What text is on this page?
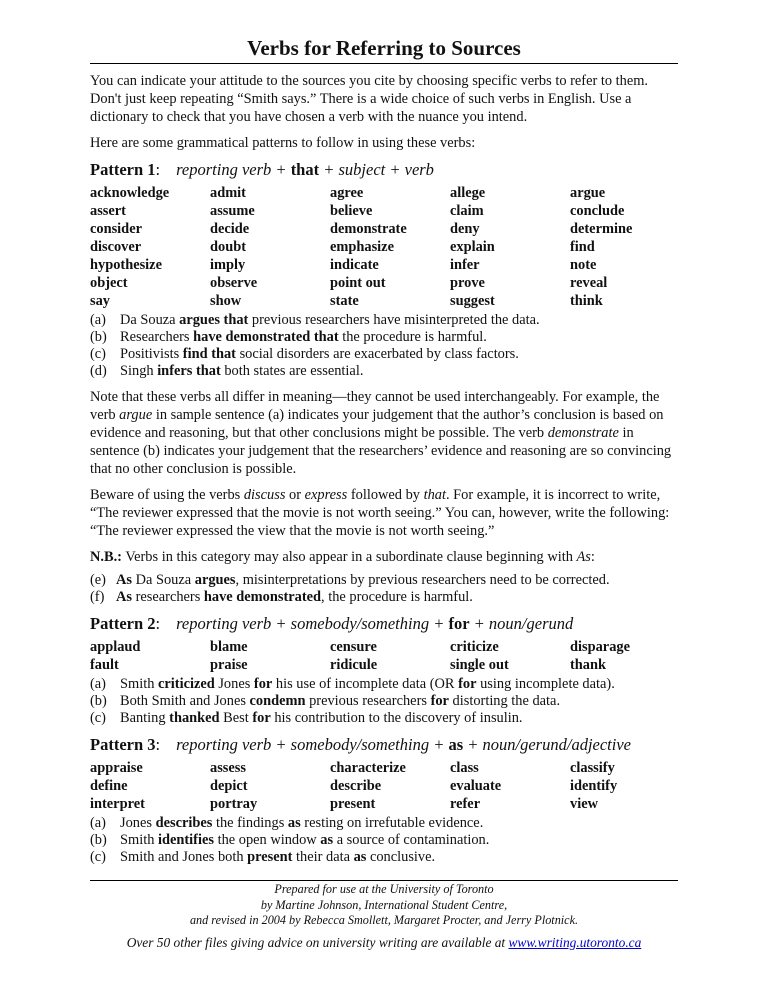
Verbs for Referring to Sources

You can indicate your attitude to the sources you cite by choosing specific verbs to refer to them. Don't just keep repeating “Smith says.” There is a wide choice of such verbs in English. Use a dictionary to check that you have chosen a verb with the nuance you intend.

Here are some grammatical patterns to follow in using these verbs:

Pattern 1: reporting verb + that + subject + verb
acknowledge	admit	agree	allege	argue
assert	assume	believe	claim	conclude
consider	decide	demonstrate	deny	determine
discover	doubt	emphasize	explain	find
hypothesize	imply	indicate	infer	note
object	observe	point out	prove	reveal
say	show	state	suggest	think
(a) Da Souza argues that previous researchers have misinterpreted the data.
(b) Researchers have demonstrated that the procedure is harmful.
(c) Positivists find that social disorders are exacerbated by class factors.
(d) Singh infers that both states are essential.

Note that these verbs all differ in meaning—they cannot be used interchangeably. For example, the verb argue in sample sentence (a) indicates your judgement that the author’s conclusion is based on evidence and reasoning, but that other conclusions might be possible. The verb demonstrate in sentence (b) indicates your judgement that the researchers’ evidence and reasoning are so convincing that no other conclusion is possible.

Beware of using the verbs discuss or express followed by that. For example, it is incorrect to write, “The reviewer expressed that the movie is not worth seeing.” You can, however, write the following: “The reviewer expressed the view that the movie is not worth seeing.”

N.B.: Verbs in this category may also appear in a subordinate clause beginning with As:

(e) As Da Souza argues, misinterpretations by previous researchers need to be corrected.
(f) As researchers have demonstrated, the procedure is harmful.
Pattern 2: reporting verb + somebody/something + for + noun/gerund
applaud	blame	censure	criticize	disparage
fault	praise	ridicule	single out	thank
(a) Smith criticized Jones for his use of incomplete data (OR for using incomplete data).
(b) Both Smith and Jones condemn previous researchers for distorting the data.
(c) Banting thanked Best for his contribution to the discovery of insulin.
Pattern 3: reporting verb + somebody/something + as + noun/gerund/adjective
appraise	assess	characterize	class	classify
define	depict	describe	evaluate	identify
interpret	portray	present	refer	view
(a) Jones describes the findings as resting on irrefutable evidence.
(b) Smith identifies the open window as a source of contamination.
(c) Smith and Jones both present their data as conclusive.
Prepared for use at the University of Toronto
by Martine Johnson, International Student Centre,
and revised in 2004 by Rebecca Smollett, Margaret Procter, and Jerry Plotnick.
Over 50 other files giving advice on university writing are available at www.writing.utoronto.ca
